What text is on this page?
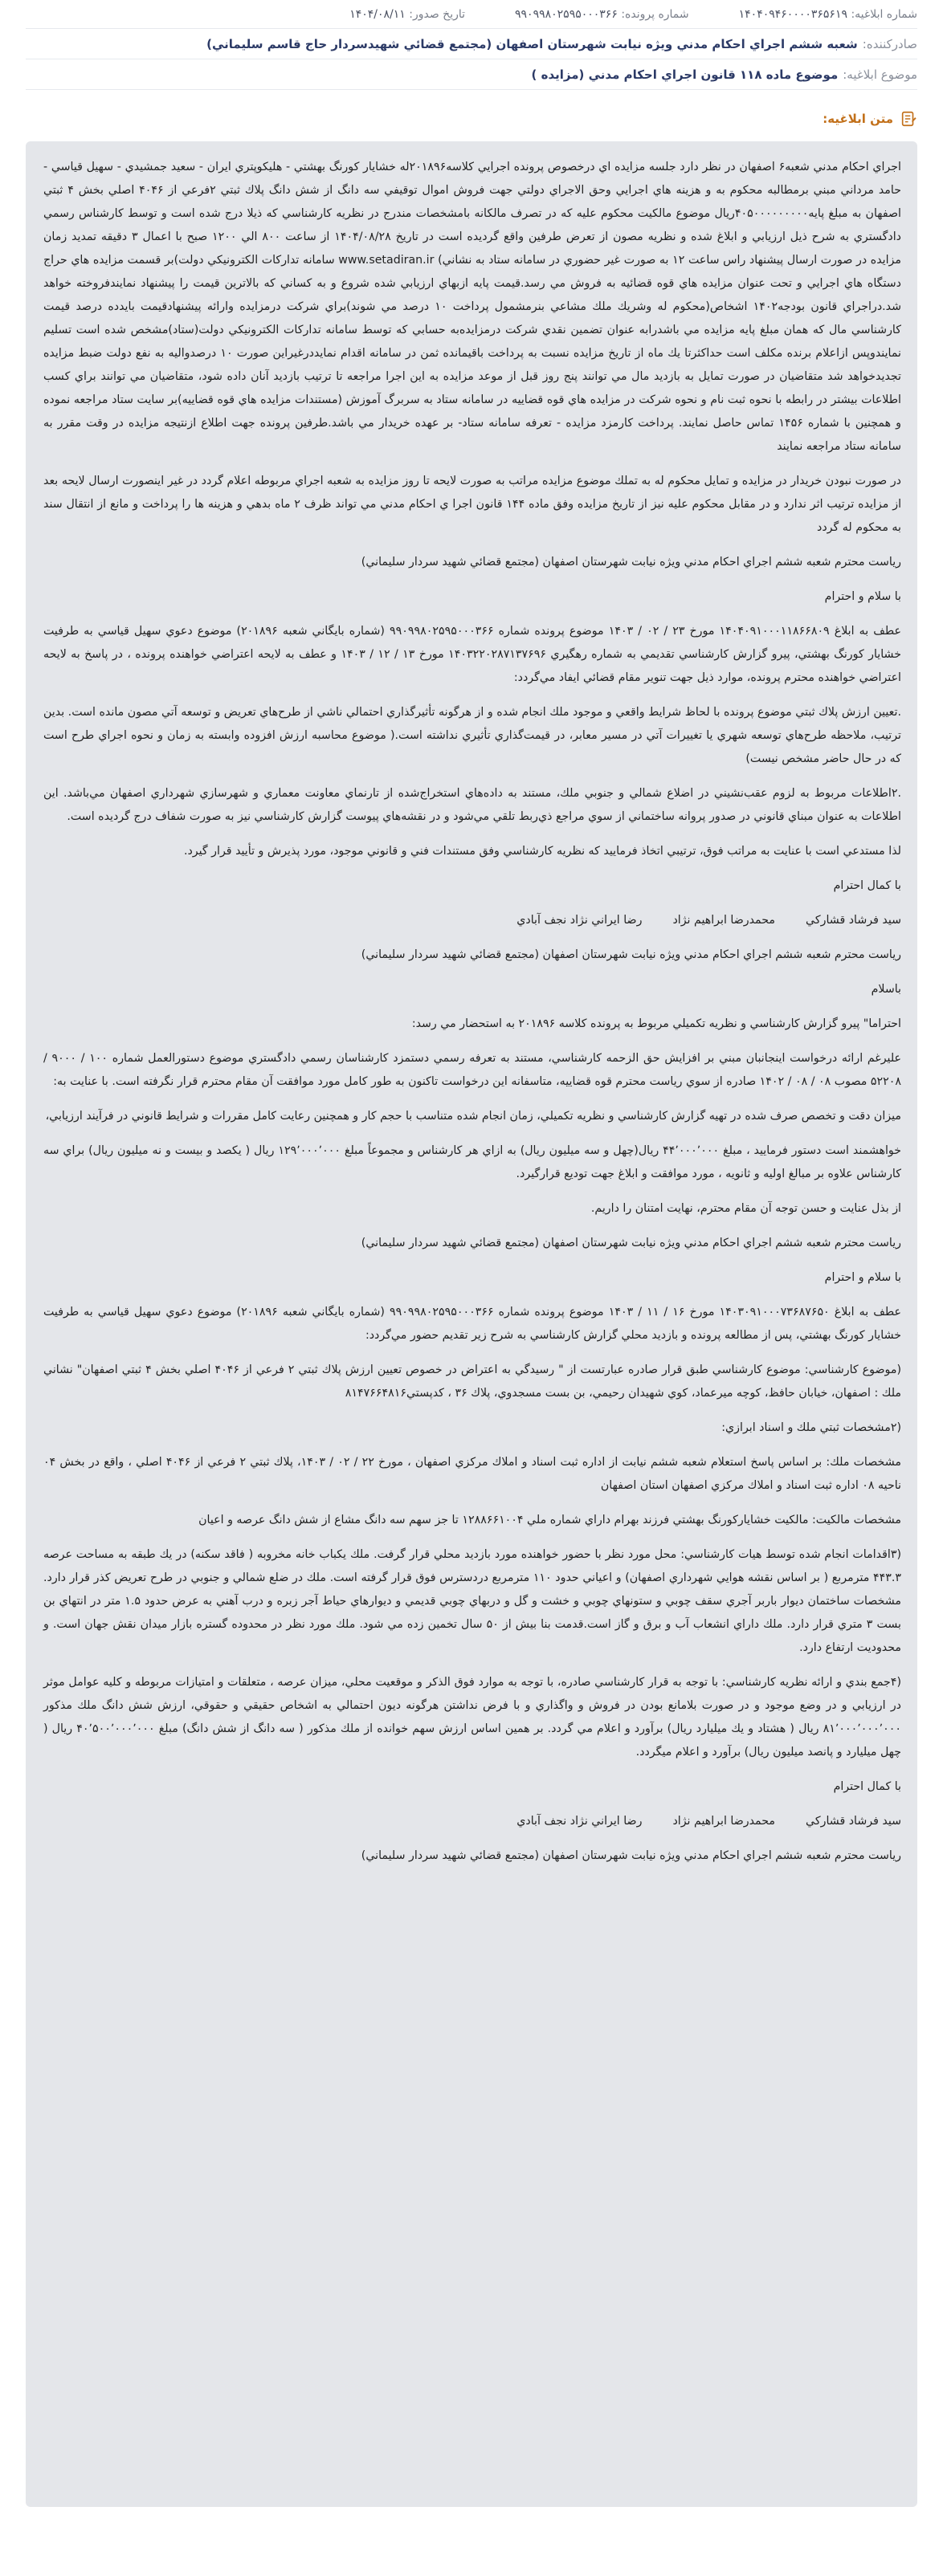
شماره ابلاغیه: ۱۴۰۴۰۹۴۶۰۰۰۰۳۶۵۶۱۹
شماره پرونده: ۹۹۰۹۹۸۰۲۵۹۵۰۰۰۳۶۶
تاریخ صدور: ۱۴۰۴/۰۸/۱۱
صادرکننده:
شعبه ششم اجراي احكام مدني ويژه نيابت شهرستان اصفهان (مجتمع قضائي شهيدسردار حاج قاسم سليماني)
موضوع ابلاغیه:
موضوع ماده ۱۱۸ قانون اجراي احكام مدني (مزايده )
متن ابلاغیه:

اجراي احكام مدني شعبه۶ اصفهان در نظر دارد جلسه مزايده اي درخصوص پرونده اجرايي كلاسه۲۰۱۸۹۶له خشايار كورنگ بهشتي - هليكوپتري ايران - سعيد جمشيدي - سهيل قياسي - حامد مرداني مبني برمطالبه محكوم به و هزينه هاي اجرايي وحق الاجراي دولتي جهت فروش اموال توقيفي سه دانگ از شش دانگ پلاك ثبتي ۲فرعي از ۴۰۴۶ اصلي بخش ۴ ثبتي اصفهان به مبلغ پايه۴۰۵۰۰۰۰۰۰۰۰۰ريال موضوع مالكيت محكوم عليه كه در تصرف مالكانه بامشخصات مندرج در نظريه كارشناسي كه ذيلا درج شده است و توسط كارشناس رسمي دادگستري به شرح ذيل ارزيابي و ابلاغ شده و نظريه مصون از تعرض طرفين واقع گرديده است در تاريخ ۱۴۰۴/۰۸/۲۸ از ساعت ۸۰۰ الي ۱۲۰۰ صبح با اعمال ۳ دقيقه تمديد زمان مزايده در صورت ارسال پيشنهاد راس ساعت ۱۲ به صورت غير حضوري در سامانه ستاد به نشاني) www.setadiran.ir سامانه تداركات الكترونيكي دولت)بر قسمت مزايده هاي حراج دستگاه هاي اجرايي و تحت عنوان مزايده هاي قوه قضائيه به فروش مي رسد.قيمت پايه ازبهاي ارزيابي شده شروع و به كساني كه بالاترين قيمت را پيشنهاد نمايندفروخته خواهد شد.دراجراي قانون بودجه۱۴۰۲ اشخاص(محكوم له وشريك ملك مشاعي بنرمشمول پرداخت ۱۰ درصد مي شوند)براي شركت درمزايده وارائه پيشنهادقيمت بايدده درصد قيمت كارشناسي مال كه همان مبلغ پايه مزايده مي باشدرابه عنوان تضمين نقدي شركت درمزايده‌به حسابي كه توسط سامانه تداركات الكترونيكي دولت(ستاد)مشخص شده است تسليم نمايندوپس ازاعلام برنده مكلف است حداكثرتا يك ماه از تاريخ مزايده نسبت به پرداخت باقيمانده ثمن در سامانه اقدام نمايدد‌رغيراين صورت ۱۰ درصدواليه به نفع دولت ضبط مزايده تجديدخواهد شد متقاضيان در صورت تمايل به بازديد مال مي توانند پنج روز قبل از موعد مزايده به اين اجرا مراجعه تا ترتيب بازديد آنان داده شود، متقاضيان مي توانند براي كسب اطلاعات بيشتر در رابطه با نحوه ثبت نام و نحوه شركت در مزايده هاي قوه قضاييه در سامانه ستاد به سربرگ آموزش (مستندات مزايده هاي قوه قضاييه)بر سايت ستاد مراجعه نموده و همچنين با شماره ۱۴۵۶ تماس حاصل نمايند. پرداخت كارمزد مزايده - تعرفه سامانه ستاد- بر عهده خريدار مي باشد.طرفين پرونده جهت اطلاع ازنتيجه مزايده در وقت مقرر به سامانه ستاد مراجعه نمايند

در صورت نبودن خريدار در مزايده و تمايل محكوم له به تملك موضوع مزايده مراتب به صورت لايحه تا روز مزايده به شعبه اجراي مربوطه اعلام گردد در غير اينصورت ارسال لايحه بعد از مزايده ترتيب اثر ندارد و در مقابل محكوم عليه نيز از تاريخ مزايده وفق ماده ۱۴۴ قانون اجرا ي احكام مدني مي تواند ظرف ۲ ماه بدهي و هزينه ها را پرداخت و مانع از انتقال سند به محكوم له گردد

رياست محترم شعبه ششم اجراي احكام مدني ويژه نيابت شهرستان اصفهان (مجتمع قضائي شهيد سردار سليماني)

با سلام و احترام

عطف به ابلاغ ۱۴۰۴۰۹۱۰۰۰۱۱۸۶۶۸۰۹ مورخ ۲۳ / ۰۲ / ۱۴۰۳ موضوع پرونده شماره ۹۹۰۹۹۸۰۲۵۹۵۰۰۰۳۶۶ (شماره بايگاني شعبه ۲۰۱۸۹۶) موضوع دعوي سهيل قياسي به طرفيت خشايار كورنگ بهشتي، پيرو گزارش كارشناسي تقديمي به شماره رهگيري ۱۴۰۳۲۲۰۲۸۷۱۳۷۶۹۶ مورخ ۱۳ / ۱۲ / ۱۴۰۳ و عطف به لايحه اعتراضي خواهنده پرونده ، در پاسخ به لايحه اعتراضي خواهنده محترم پرونده، موارد ذيل جهت تنوير مقام قضائي ايفاد مي‌گردد:

.تعيين ارزش پلاك ثبتي موضوع پرونده با لحاظ شرايط واقعي و موجود ملك انجام شده و از هرگونه تأثيرگذاري احتمالي ناشي از طرح‌هاي تعريض و توسعه آتي مصون مانده است. بدين ترتيب، ملاحظه طرح‌هاي توسعه شهري يا تغييرات آتي در مسير معابر، در قيمت‌گذاري تأثيري نداشته است.( موضوع محاسبه ارزش افزوده وابسته به زمان و نحوه اجراي طرح است كه در حال حاضر مشخص نيست)

.۲اطلاعات مربوط به لزوم عقب‌نشيني در اضلاع شمالي و جنوبي ملك، مستند به داده‌هاي استخراج‌شده از تارنماي معاونت معماري و شهرسازي شهرداري اصفهان مي‌باشد. اين اطلاعات به عنوان مبناي قانوني در صدور پروانه ساختماني از سوي مراجع ذي‌ربط تلقي مي‌شود و در نقشه‌هاي پيوست گزارش كارشناسي نيز به صورت شفاف درج گرديده است.

لذا مستدعي است با عنايت به مراتب فوق، ترتيبي اتخاذ فرماييد كه نظريه كارشناسي وفق مستندات فني و قانوني موجود، مورد پذيرش و تأييد قرار گيرد.

با كمال احترام

سيد فرشاد قشاركي
محمدرضا ابراهيم نژاد
رضا ايراني نژاد نجف آبادي

رياست محترم شعبه ششم اجراي احكام مدني ويژه نيابت شهرستان اصفهان (مجتمع قضائي شهيد سردار سليماني)

باسلام

احتراما" پيرو گزارش كارشناسي و نظريه تكميلي مربوط به پرونده كلاسه ۲۰۱۸۹۶ به استحضار مي رسد:

عليرغم ارائه درخواست اينجانبان مبني بر افزايش حق الزحمه كارشناسي، مستند به تعرفه رسمي دستمزد كارشناسان رسمي دادگستري موضوع دستورالعمل شماره ۱۰۰ / ۹۰۰۰ / ۵۲۲۰۸ مصوب ۰۸ / ۰۸ / ۱۴۰۲ صادره از سوي رياست محترم قوه قضاييه، متاسفانه اين درخواست تاكنون به طور كامل مورد موافقت آن مقام محترم قرار نگرفته است. با عنايت به:

ميزان دقت و تخصص صرف شده در تهيه گزارش كارشناسي و نظريه تكميلي، زمان انجام شده متناسب با حجم كار و همچنين رعايت كامل مقررات و شرايط قانوني در فرآيند ارزيابي،

خواهشمند است دستور فرماييد ، مبلغ ۴۴٬۰۰۰٬۰۰۰ ريال(چهل و سه ميليون ريال) به ازاي هر كارشناس و مجموعاً مبلغ ۱۲۹٬۰۰۰٬۰۰۰ ريال ( يكصد و بيست و نه ميليون ريال) براي سه كارشناس علاوه بر مبالغ اوليه و ثانويه ، مورد موافقت و ابلاغ جهت توديع قرارگيرد.

از بذل عنايت و حسن توجه آن مقام محترم، نهايت امتنان را داريم.

رياست محترم شعبه ششم اجراي احكام مدني ويژه نيابت شهرستان اصفهان (مجتمع قضائي شهيد سردار سليماني)

با سلام و احترام

عطف به ابلاغ ۱۴۰۳۰۹۱۰۰۰۷۳۶۸۷۶۵۰ مورخ ۱۶ / ۱۱ / ۱۴۰۳ موضوع پرونده شماره ۹۹۰۹۹۸۰۲۵۹۵۰۰۰۳۶۶ (شماره بايگاني شعبه ۲۰۱۸۹۶) موضوع دعوي سهيل قياسي به طرفيت خشايار كورنگ بهشتي، پس از مطالعه پرونده و بازديد محلي گزارش كارشناسي به شرح زير تقديم حضور مي‌گردد:

(موضوع كارشناسي: موضوع كارشناسي طبق قرار صادره عبارتست از " رسيدگي به اعتراض در خصوص تعيين ارزش پلاك ثبتي ۲ فرعي از ۴۰۴۶ اصلي بخش ۴ ثبتي اصفهان" نشاني ملك : اصفهان، خيابان حافظ، كوچه ميرعماد، كوي شهيدان رحيمي، بن بست مسجدوي، پلاك ۳۶ ، كدپستي۸۱۴۷۶۶۴۸۱۶

(۲مشخصات ثبتي ملك و اسناد ابرازي:

مشخصات ملك: بر اساس پاسخ استعلام شعبه ششم نيابت از اداره ثبت اسناد و املاك مركزي اصفهان ، مورخ ۲۲ / ۰۲ / ۱۴۰۳، پلاك ثبتي ۲ فرعي از ۴۰۴۶ اصلي ، واقع در بخش ۰۴ ناحيه ۰۸ اداره ثبت اسناد و املاك مركزي اصفهان استان اصفهان

مشخصات مالكيت: مالكيت خشاياركورنگ بهشتي فرزند بهرام داراي شماره ملي ۱۲۸۸۶۶۱۰۰۴ تا جز سهم سه دانگ مشاع از شش دانگ عرصه و اعيان

(۳اقدامات انجام شده توسط هيات كارشناسي: محل مورد نظر با حضور خواهنده مورد بازديد محلي قرار گرفت. ملك يكباب خانه مخروبه ( فاقد سكنه) در يك طبقه به مساحت عرصه ۴۴۳.۳ مترمربع ( بر اساس نقشه هوايي شهرداري اصفهان) و اعياني حدود ۱۱۰ مترمربع دردسترس فوق قرار گرفته است. ملك در ضلع شمالي و جنوبي در طرح تعريض كذر قرار دارد. مشخصات ساختمان ديوار باربر آجري سقف چوبي و ستونهاي چوبي و خشت و گل و دربهاي چوبي قديمي و ديوارهاي حياط آجر زبره و درب آهني به عرض حدود ۱.۵ متر در انتهاي بن بست ۳ متري قرار دارد. ملك داراي انشعاب آب و برق و گاز است.قدمت بنا بيش از ۵۰ سال تخمين زده مي شود. ملك مورد نظر در محدوده گستره بازار ميدان نقش جهان است. و محدوديت ارتفاع دارد.

(۴جمع بندي و ارائه نظريه كارشناسي: با توجه به قرار كارشناسي صادره، با توجه به موارد فوق الذكر و موقعيت محلي، ميزان عرصه ، متعلقات و امتيازات مربوطه و كليه عوامل موثر در ارزيابي و در وضع موجود و در صورت بلامانع بودن در فروش و واگذاري و با فرض نداشتن هرگونه ديون احتمالي به اشخاص حقيقي و حقوقي، ارزش شش دانگ ملك مذكور ۸۱٬۰۰۰٬۰۰۰٬۰۰۰ ريال ( هشتاد و يك ميليارد ريال) برآورد و اعلام مي گردد. بر همين اساس ارزش سهم خوانده از ملك مذكور ( سه دانگ از شش دانگ) مبلغ ۴۰٬۵۰۰٬۰۰۰٬۰۰۰ ريال ( چهل ميليارد و پانصد ميليون ريال) برآورد و اعلام ميگردد.

با كمال احترام

سيد فرشاد قشاركي
محمدرضا ابراهيم نژاد
رضا ايراني نژاد نجف آبادي

رياست محترم شعبه ششم اجراي احكام مدني ويژه نيابت شهرستان اصفهان (مجتمع قضائي شهيد سردار سليماني)
